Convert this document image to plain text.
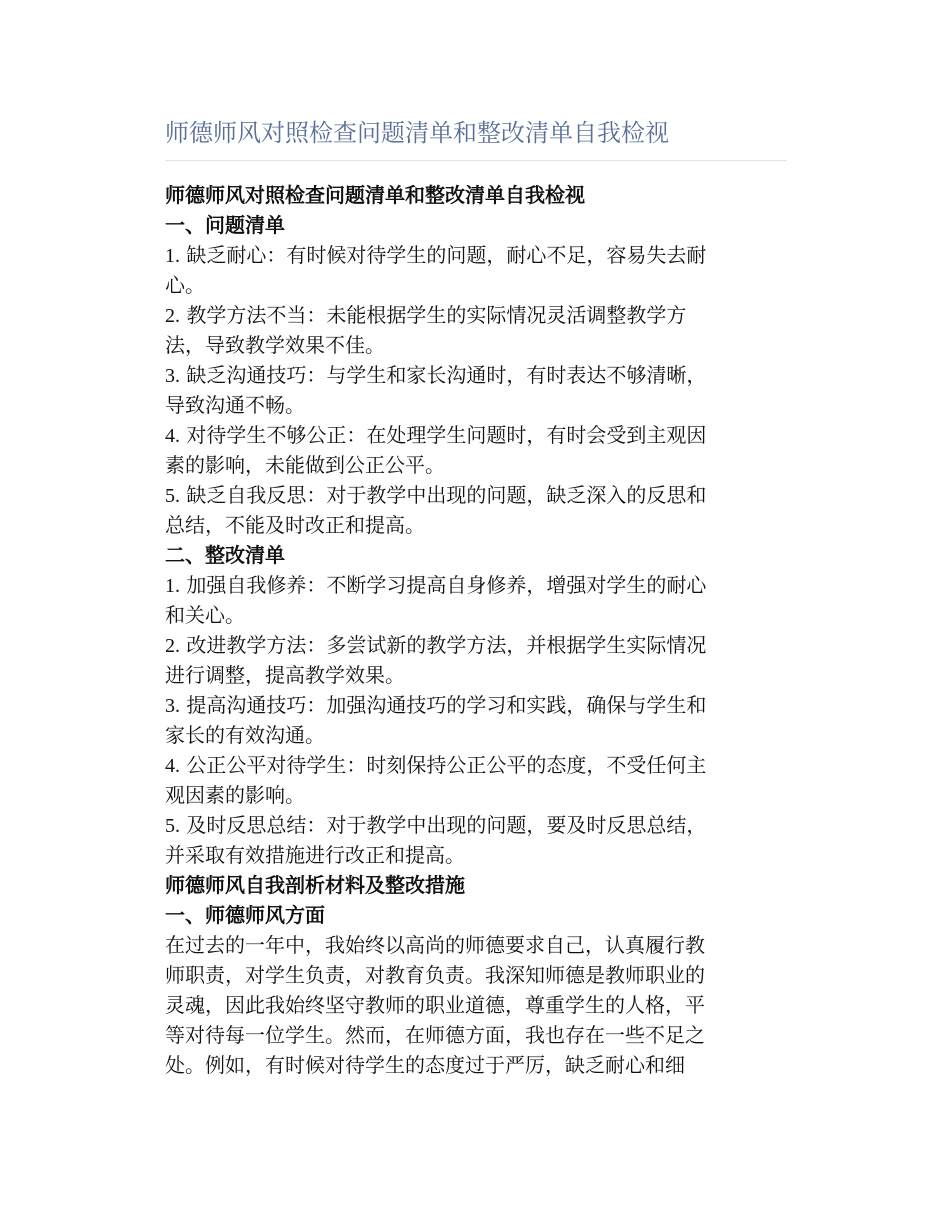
师德师风对照检查问题清单和整改清单自我检视

师德师风对照检查问题清单和整改清单自我检视

一、问题清单

1. 缺乏耐心：有时候对待学生的问题，耐心不足，容易失去耐

心。

2. 教学方法不当：未能根据学生的实际情况灵活调整教学方

法，导致教学效果不佳。

3. 缺乏沟通技巧：与学生和家长沟通时，有时表达不够清晰，

导致沟通不畅。

4. 对待学生不够公正：在处理学生问题时，有时会受到主观因

素的影响，未能做到公正公平。

5. 缺乏自我反思：对于教学中出现的问题，缺乏深入的反思和

总结，不能及时改正和提高。

二、整改清单

1. 加强自我修养：不断学习提高自身修养，增强对学生的耐心

和关心。

2. 改进教学方法：多尝试新的教学方法，并根据学生实际情况

进行调整，提高教学效果。

3. 提高沟通技巧：加强沟通技巧的学习和实践，确保与学生和

家长的有效沟通。

4. 公正公平对待学生：时刻保持公正公平的态度，不受任何主

观因素的影响。

5. 及时反思总结：对于教学中出现的问题，要及时反思总结，

并采取有效措施进行改正和提高。

师德师风自我剖析材料及整改措施

一、师德师风方面

在过去的一年中，我始终以高尚的师德要求自己，认真履行教

师职责，对学生负责，对教育负责。我深知师德是教师职业的

灵魂，因此我始终坚守教师的职业道德，尊重学生的人格，平

等对待每一位学生。然而，在师德方面，我也存在一些不足之

处。例如，有时候对待学生的态度过于严厉，缺乏耐心和细
